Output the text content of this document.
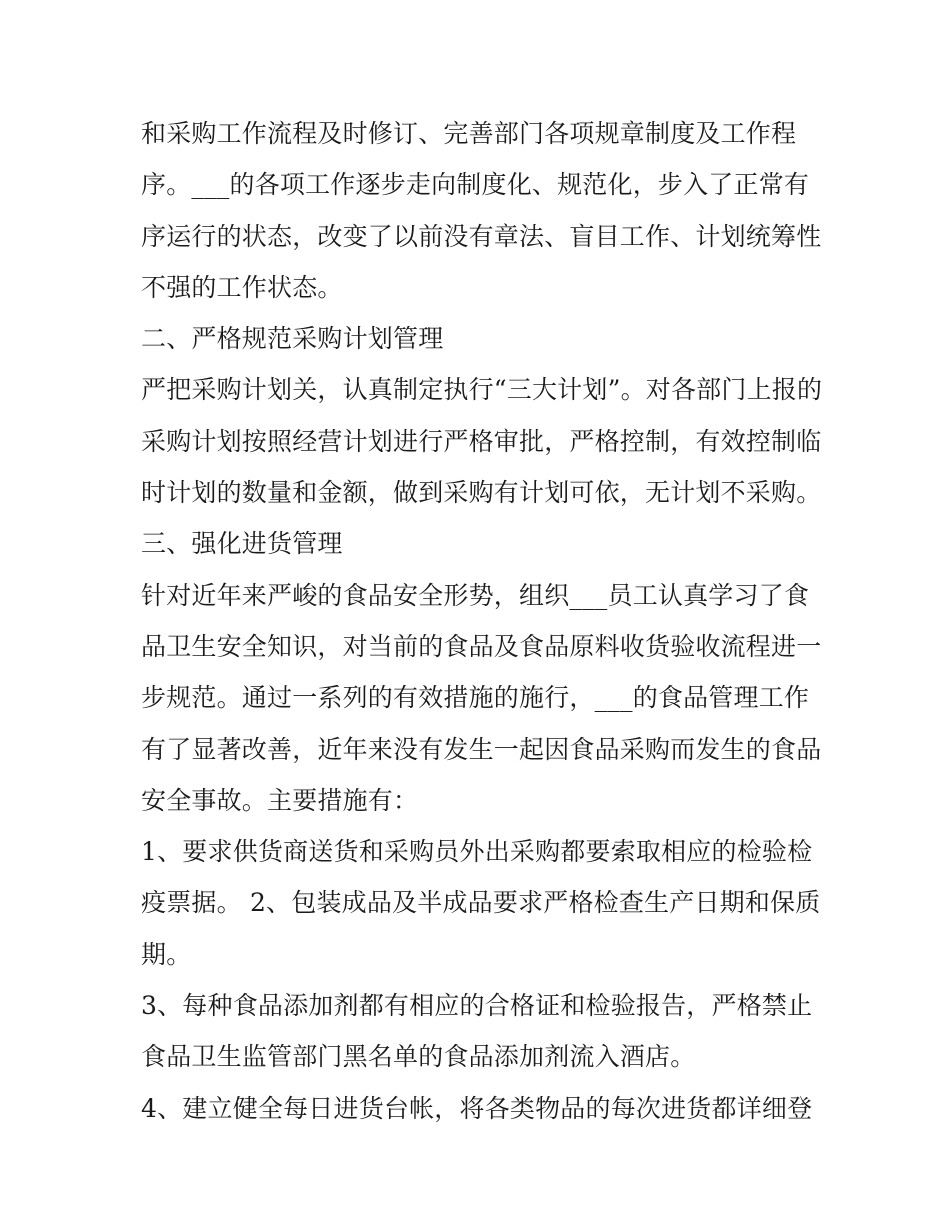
和采购工作流程及时修订、完善部门各项规章制度及工作程
序。___的各项工作逐步走向制度化、规范化，步入了正常有
序运行的状态，改变了以前没有章法、盲目工作、计划统筹性
不强的工作状态。
二、严格规范采购计划管理
严把采购计划关，认真制定执行“三大计划”。对各部门上报的
采购计划按照经营计划进行严格审批，严格控制，有效控制临
时计划的数量和金额，做到采购有计划可依，无计划不采购。
三、强化进货管理
针对近年来严峻的食品安全形势，组织___员工认真学习了食
品卫生安全知识，对当前的食品及食品原料收货验收流程进一
步规范。通过一系列的有效措施的施行，___的食品管理工作
有了显著改善，近年来没有发生一起因食品采购而发生的食品
安全事故。主要措施有：
1、要求供货商送货和采购员外出采购都要索取相应的检验检
疫票据。 2、包装成品及半成品要求严格检查生产日期和保质
期。
3、每种食品添加剂都有相应的合格证和检验报告，严格禁止
食品卫生监管部门黑名单的食品添加剂流入酒店。
4、建立健全每日进货台帐，将各类物品的每次进货都详细登
